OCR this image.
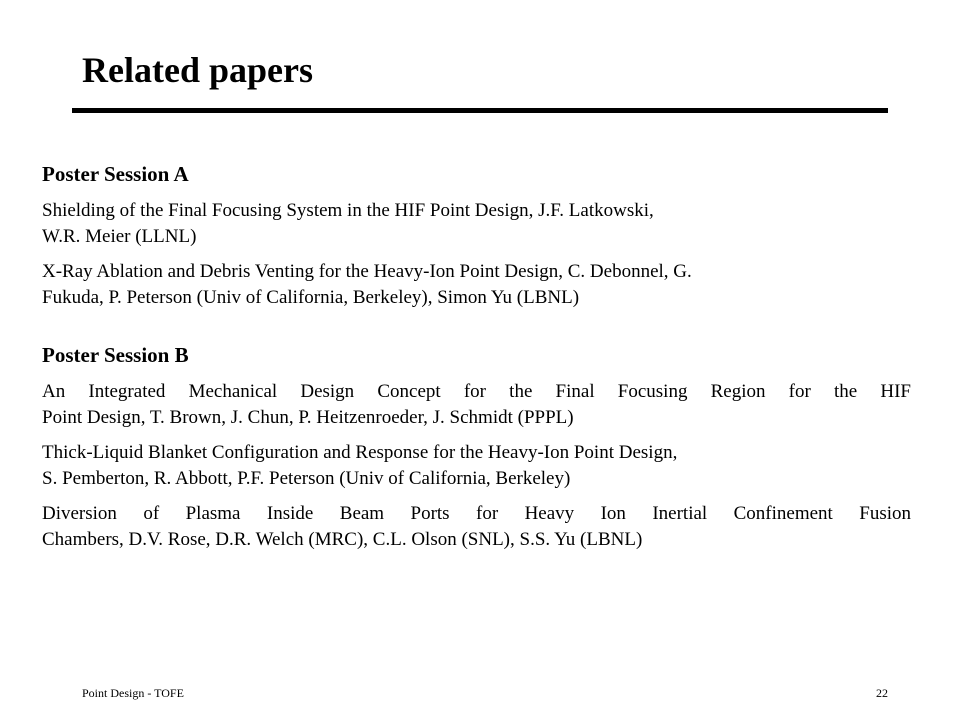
Related papers
Poster Session A
Shielding of the Final Focusing System in the HIF Point Design, J.F. Latkowski,
W.R. Meier (LLNL)
X-Ray Ablation and Debris Venting for the Heavy-Ion Point Design, C. Debonnel, G.
Fukuda, P. Peterson (Univ of California, Berkeley), Simon Yu (LBNL)
Poster Session B
An Integrated Mechanical Design Concept for the Final Focusing Region for the HIF
Point Design, T. Brown, J. Chun, P. Heitzenroeder, J. Schmidt (PPPL)
Thick-Liquid Blanket Configuration and Response for the Heavy-Ion Point Design,
S. Pemberton, R. Abbott, P.F. Peterson (Univ of California, Berkeley)
Diversion of Plasma Inside Beam Ports for Heavy Ion Inertial Confinement Fusion
Chambers, D.V. Rose, D.R. Welch (MRC), C.L. Olson (SNL), S.S. Yu (LBNL)
Point Design - TOFE	22
